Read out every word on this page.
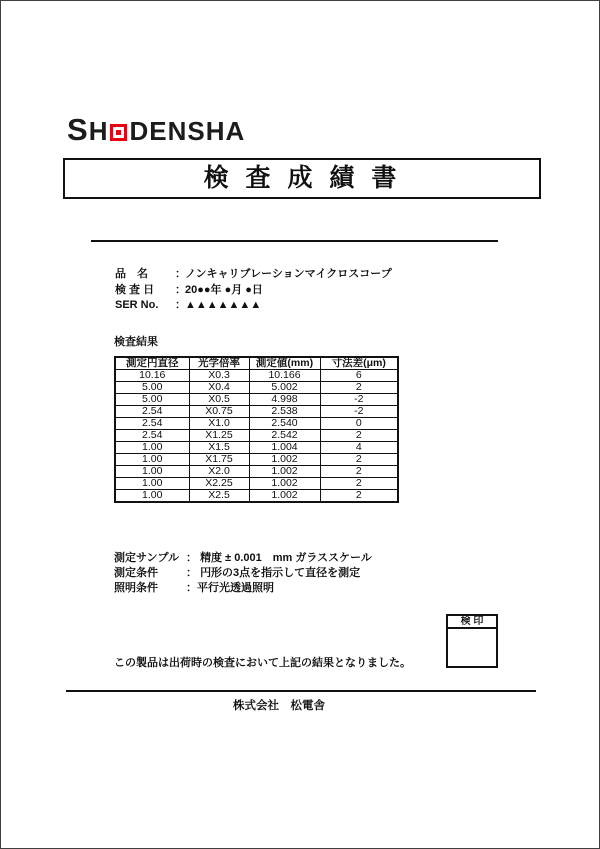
SH DENSHA
検 査 成 績 書
品　名 ：ノンキャリブレーションマイクロスコープ
検 査 日 ：20●●年 ●月 ●日
SER No. ：▲▲▲▲▲▲▲
検査結果
測定円直径	光学倍率	測定値(mm)	寸法差(μm)
10.16	X0.3	10.166	6
5.00	X0.4	5.002	2
5.00	X0.5	4.998	-2
2.54	X0.75	2.538	-2
2.54	X1.0	2.540	0
2.54	X1.25	2.542	2
1.00	X1.5	1.004	4
1.00	X1.75	1.002	2
1.00	X2.0	1.002	2
1.00	X2.25	1.002	2
1.00	X2.5	1.002	2
測定サンプル ： 精度 ± 0.001　mm ガラススケール
測定条件	： 円形の3点を指示して直径を測定
照明条件	：平行光透過照明
検 印
この製品は出荷時の検査において上記の結果となりました。
株式会社　松電舎
